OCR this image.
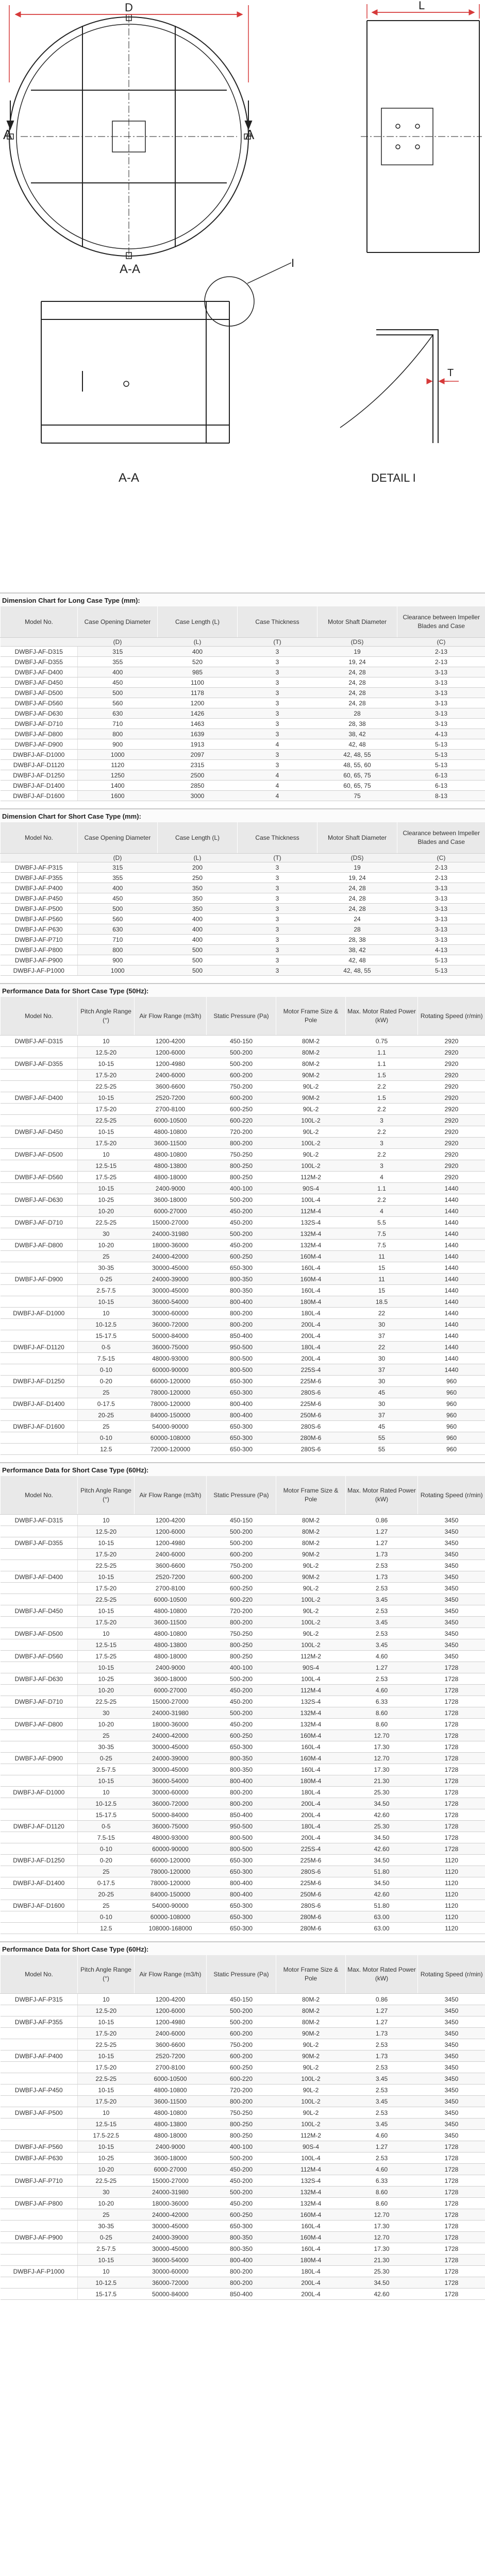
A	A
D
A-A
L
I
A-A
T
DETAIL I
Dimension Chart for Long Case Type (mm):
Model No.	Case Opening Diameter	Case Length (L)	Case Thickness	Motor Shaft Diameter	Clearance between Impeller Blades and Case
	(D)	(L)	(T)	(DS)	(C)
DWBFJ-AF-D315	315	400	3	19	2-13
DWBFJ-AF-D355	355	520	3	19, 24	2-13
DWBFJ-AF-D400	400	985	3	24, 28	3-13
DWBFJ-AF-D450	450	1100	3	24, 28	3-13
DWBFJ-AF-D500	500	1178	3	24, 28	3-13
DWBFJ-AF-D560	560	1200	3	24, 28	3-13
DWBFJ-AF-D630	630	1426	3	28	3-13
DWBFJ-AF-D710	710	1463	3	28, 38	3-13
DWBFJ-AF-D800	800	1639	3	38, 42	4-13
DWBFJ-AF-D900	900	1913	4	42, 48	5-13
DWBFJ-AF-D1000	1000	2097	3	42, 48, 55	5-13
DWBFJ-AF-D1120	1120	2315	3	48, 55, 60	5-13
DWBFJ-AF-D1250	1250	2500	4	60, 65, 75	6-13
DWBFJ-AF-D1400	1400	2850	4	60, 65, 75	6-13
DWBFJ-AF-D1600	1600	3000	4	75	8-13
Dimension Chart for Short Case Type (mm):
Model No.	Case Opening Diameter	Case Length (L)	Case Thickness	Motor Shaft Diameter	Clearance between Impeller Blades and Case
	(D)	(L)	(T)	(DS)	(C)
DWBFJ-AF-P315	315	200	3	19	2-13
DWBFJ-AF-P355	355	250	3	19, 24	2-13
DWBFJ-AF-P400	400	350	3	24, 28	3-13
DWBFJ-AF-P450	450	350	3	24, 28	3-13
DWBFJ-AF-P500	500	350	3	24, 28	3-13
DWBFJ-AF-P560	560	400	3	24	3-13
DWBFJ-AF-P630	630	400	3	28	3-13
DWBFJ-AF-P710	710	400	3	28, 38	3-13
DWBFJ-AF-P800	800	500	3	38, 42	4-13
DWBFJ-AF-P900	900	500	3	42, 48	5-13
DWBFJ-AF-P1000	1000	500	3	42, 48, 55	5-13
Performance Data for Short Case Type (50Hz):
Model No.	Pitch Angle Range (°)	Air Flow Range (m3/h)	Static Pressure (Pa)	Motor Frame Size & Pole	Max. Motor Rated Power (kW)	Rotating Speed (r/min)
DWBFJ-AF-D315	10	1200-4200	450-150	80M-2	0.75	2920
	12.5-20	1200-6000	500-200	80M-2	1.1	2920
DWBFJ-AF-D355	10-15	1200-4980	500-200	80M-2	1.1	2920
	17.5-20	2400-6000	600-200	90M-2	1.5	2920
	22.5-25	3600-6600	750-200	90L-2	2.2	2920
DWBFJ-AF-D400	10-15	2520-7200	600-200	90M-2	1.5	2920
	17.5-20	2700-8100	600-250	90L-2	2.2	2920
	22.5-25	6000-10500	600-220	100L-2	3	2920
DWBFJ-AF-D450	10-15	4800-10800	720-200	90L-2	2.2	2920
	17.5-20	3600-11500	800-200	100L-2	3	2920
DWBFJ-AF-D500	10	4800-10800	750-250	90L-2	2.2	2920
	12.5-15	4800-13800	800-250	100L-2	3	2920
DWBFJ-AF-D560	17.5-25	4800-18000	800-250	112M-2	4	2920
	10-15	2400-9000	400-100	90S-4	1.1	1440
DWBFJ-AF-D630	10-25	3600-18000	500-200	100L-4	2.2	1440
	10-20	6000-27000	450-200	112M-4	4	1440
DWBFJ-AF-D710	22.5-25	15000-27000	450-200	132S-4	5.5	1440
	30	24000-31980	500-200	132M-4	7.5	1440
DWBFJ-AF-D800	10-20	18000-36000	450-200	132M-4	7.5	1440
	25	24000-42000	600-250	160M-4	11	1440
	30-35	30000-45000	650-300	160L-4	15	1440
DWBFJ-AF-D900	0-25	24000-39000	800-350	160M-4	11	1440
	2.5-7.5	30000-45000	800-350	160L-4	15	1440
	10-15	36000-54000	800-400	180M-4	18.5	1440
DWBFJ-AF-D1000	10	30000-60000	800-200	180L-4	22	1440
	10-12.5	36000-72000	800-200	200L-4	30	1440
	15-17.5	50000-84000	850-400	200L-4	37	1440
DWBFJ-AF-D1120	0-5	36000-75000	950-500	180L-4	22	1440
	7.5-15	48000-93000	800-500	200L-4	30	1440
	0-10	60000-90000	800-500	225S-4	37	1440
DWBFJ-AF-D1250	0-20	66000-120000	650-300	225M-6	30	960
	25	78000-120000	650-300	280S-6	45	960
DWBFJ-AF-D1400	0-17.5	78000-120000	800-400	225M-6	30	960
	20-25	84000-150000	800-400	250M-6	37	960
DWBFJ-AF-D1600	25	54000-90000	650-300	280S-6	45	960
	0-10	60000-108000	650-300	280M-6	55	960
	12.5	72000-120000	650-300	280S-6	55	960
Performance Data for Short Case Type (60Hz):
Model No.	Pitch Angle Range (°)	Air Flow Range (m3/h)	Static Pressure (Pa)	Motor Frame Size & Pole	Max. Motor Rated Power (kW)	Rotating Speed (r/min)
DWBFJ-AF-D315	10	1200-4200	450-150	80M-2	0.86	3450
	12.5-20	1200-6000	500-200	80M-2	1.27	3450
DWBFJ-AF-D355	10-15	1200-4980	500-200	80M-2	1.27	3450
	17.5-20	2400-6000	600-200	90M-2	1.73	3450
	22.5-25	3600-6600	750-200	90L-2	2.53	3450
DWBFJ-AF-D400	10-15	2520-7200	600-200	90M-2	1.73	3450
	17.5-20	2700-8100	600-250	90L-2	2.53	3450
	22.5-25	6000-10500	600-220	100L-2	3.45	3450
DWBFJ-AF-D450	10-15	4800-10800	720-200	90L-2	2.53	3450
	17.5-20	3600-11500	800-200	100L-2	3.45	3450
DWBFJ-AF-D500	10	4800-10800	750-250	90L-2	2.53	3450
	12.5-15	4800-13800	800-250	100L-2	3.45	3450
DWBFJ-AF-D560	17.5-25	4800-18000	800-250	112M-2	4.60	3450
	10-15	2400-9000	400-100	90S-4	1.27	1728
DWBFJ-AF-D630	10-25	3600-18000	500-200	100L-4	2.53	1728
	10-20	6000-27000	450-200	112M-4	4.60	1728
DWBFJ-AF-D710	22.5-25	15000-27000	450-200	132S-4	6.33	1728
	30	24000-31980	500-200	132M-4	8.60	1728
DWBFJ-AF-D800	10-20	18000-36000	450-200	132M-4	8.60	1728
	25	24000-42000	600-250	160M-4	12.70	1728
	30-35	30000-45000	650-300	160L-4	17.30	1728
DWBFJ-AF-D900	0-25	24000-39000	800-350	160M-4	12.70	1728
	2.5-7.5	30000-45000	800-350	160L-4	17.30	1728
	10-15	36000-54000	800-400	180M-4	21.30	1728
DWBFJ-AF-D1000	10	30000-60000	800-200	180L-4	25.30	1728
	10-12.5	36000-72000	800-200	200L-4	34.50	1728
	15-17.5	50000-84000	850-400	200L-4	42.60	1728
DWBFJ-AF-D1120	0-5	36000-75000	950-500	180L-4	25.30	1728
	7.5-15	48000-93000	800-500	200L-4	34.50	1728
	0-10	60000-90000	800-500	225S-4	42.60	1728
DWBFJ-AF-D1250	0-20	66000-120000	650-300	225M-6	34.50	1120
	25	78000-120000	650-300	280S-6	51.80	1120
DWBFJ-AF-D1400	0-17.5	78000-120000	800-400	225M-6	34.50	1120
	20-25	84000-150000	800-400	250M-6	42.60	1120
DWBFJ-AF-D1600	25	54000-90000	650-300	280S-6	51.80	1120
	0-10	60000-108000	650-300	280M-6	63.00	1120
	12.5	108000-168000	650-300	280M-6	63.00	1120
Performance Data for Short Case Type (60Hz):
Model No.	Pitch Angle Range (°)	Air Flow Range (m3/h)	Static Pressure (Pa)	Motor Frame Size & Pole	Max. Motor Rated Power (kW)	Rotating Speed (r/min)
DWBFJ-AF-P315	10	1200-4200	450-150	80M-2	0.86	3450
	12.5-20	1200-6000	500-200	80M-2	1.27	3450
DWBFJ-AF-P355	10-15	1200-4980	500-200	80M-2	1.27	3450
	17.5-20	2400-6000	600-200	90M-2	1.73	3450
	22.5-25	3600-6600	750-200	90L-2	2.53	3450
DWBFJ-AF-P400	10-15	2520-7200	600-200	90M-2	1.73	3450
	17.5-20	2700-8100	600-250	90L-2	2.53	3450
	22.5-25	6000-10500	600-220	100L-2	3.45	3450
DWBFJ-AF-P450	10-15	4800-10800	720-200	90L-2	2.53	3450
	17.5-20	3600-11500	800-200	100L-2	3.45	3450
DWBFJ-AF-P500	10	4800-10800	750-250	90L-2	2.53	3450
	12.5-15	4800-13800	800-250	100L-2	3.45	3450
	17.5-22.5	4800-18000	800-250	112M-2	4.60	3450
DWBFJ-AF-P560	10-15	2400-9000	400-100	90S-4	1.27	1728
DWBFJ-AF-P630	10-25	3600-18000	500-200	100L-4	2.53	1728
	10-20	6000-27000	450-200	112M-4	4.60	1728
DWBFJ-AF-P710	22.5-25	15000-27000	450-200	132S-4	6.33	1728
	30	24000-31980	500-200	132M-4	8.60	1728
DWBFJ-AF-P800	10-20	18000-36000	450-200	132M-4	8.60	1728
	25	24000-42000	600-250	160M-4	12.70	1728
	30-35	30000-45000	650-300	160L-4	17.30	1728
DWBFJ-AF-P900	0-25	24000-39000	800-350	160M-4	12.70	1728
	2.5-7.5	30000-45000	800-350	160L-4	17.30	1728
	10-15	36000-54000	800-400	180M-4	21.30	1728
DWBFJ-AF-P1000	10	30000-60000	800-200	180L-4	25.30	1728
	10-12.5	36000-72000	800-200	200L-4	34.50	1728
	15-17.5	50000-84000	850-400	200L-4	42.60	1728
